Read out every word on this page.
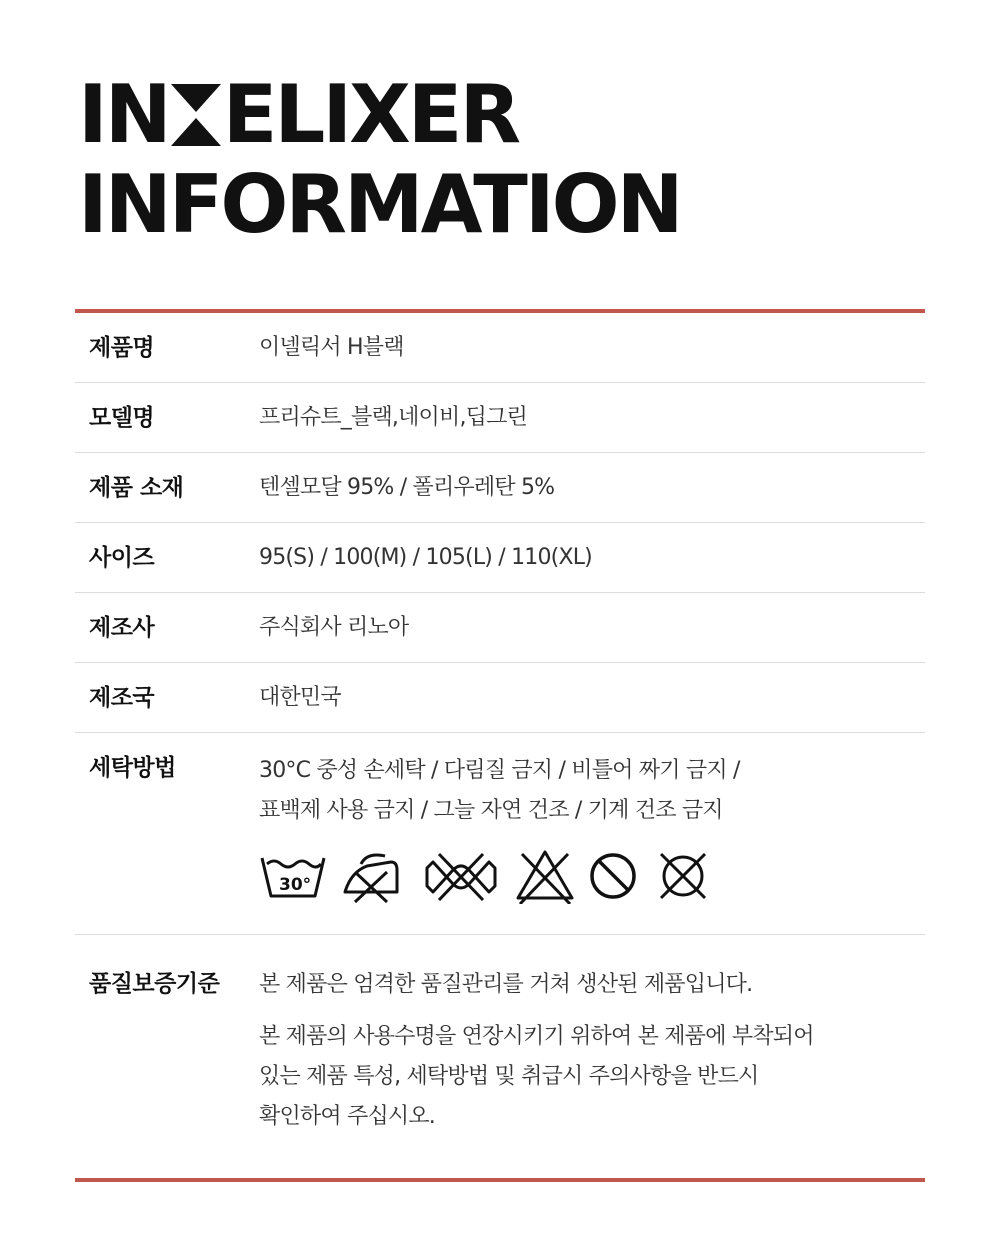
IN ELIXER
INFORMATION
제품명	이넬릭서 H블랙
모델명	프리슈트_블랙,네이비,딥그린
제품 소재	텐셀모달 95% / 폴리우레탄 5%
사이즈	95(S) / 100(M) / 105(L) / 110(XL)
제조사	주식회사 리노아
제조국	대한민국
세탁방법	30°C 중성 손세탁 / 다림질 금지 / 비틀어 짜기 금지 /
표백제 사용 금지 / 그늘 자연 건조 / 기계 건조 금지
30°
품질보증기준 본 제품은 엄격한 품질관리를 거쳐 생산된 제품입니다.

본 제품의 사용수명을 연장시키기 위하여 본 제품에 부착되어

있는 제품 특성, 세탁방법 및 취급시 주의사항을 반드시

확인하여 주십시오.
